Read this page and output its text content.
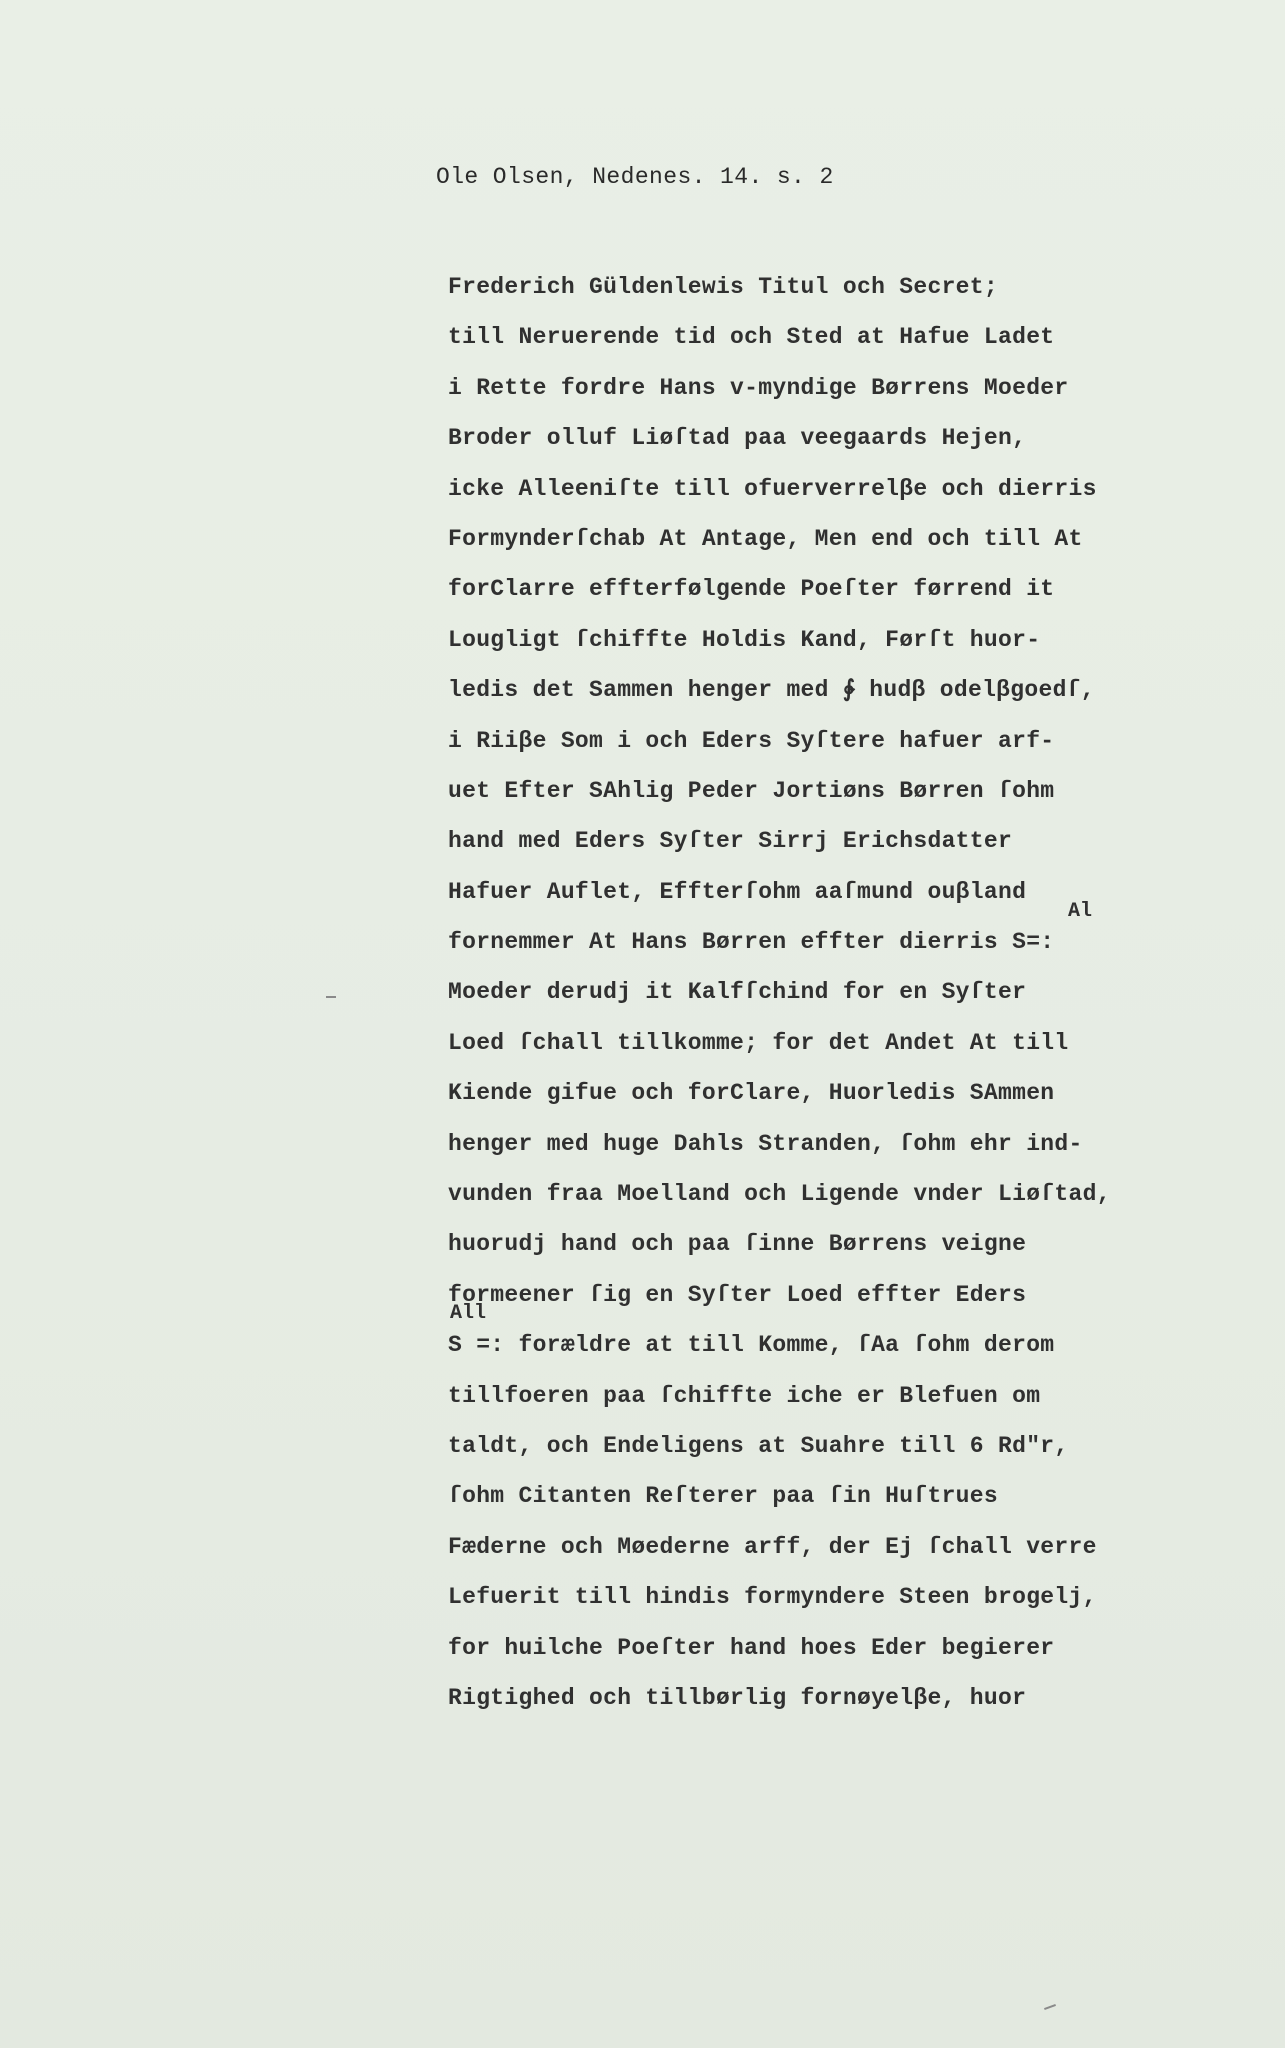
Ole Olsen, Nedenes. 14. s. 2
Frederich Güldenlewis Titul och Secret;
till Neruerende tid och Sted at Hafue Ladet
i Rette fordre Hans v-myndige Børrens Moeder
Broder olluf Liøſtad paa veegaards Hejen,
icke Alleeniſte till ofuerverrelβe och dierris
Formynderſchab At Antage, Men end och till At
forClarre effterfølgende Poeſter førrend it
Lougligt ſchiffte Holdis Kand, Førſt huor-
ledis det Sammen henger med ∲ hudβ odelβgoedſ,
i Riiβe Som i och Eders Syſtere hafuer arf-
uet Efter SAhlig Peder Jortiøns Børren ſohm
hand med Eders Syſter Sirrj Erichsdatter
Hafuer Auflet, Effterſohm aaſmund ouβland
fornemmer At Hans Børren effter dierris S=:
Moeder derudj it Kalfſchind for en Syſter
Loed ſchall tillkomme; for det Andet At till
Kiende gifue och forClare, Huorledis SAmmen
henger med huge Dahls Stranden, ſohm ehr ind-
vunden fraa Moelland och Ligende vnder Liøſtad,
huorudj hand och paa ſinne Børrens veigne
formeener ſig en Syſter Loed effter Eders
S =: forældre at till Komme, ſAa ſohm derom
tillfoeren paa ſchiffte iche er Blefuen om
taldt, och Endeligens at Suahre till 6 Rd"r,
ſohm Citanten Reſterer paa ſin Huſtrues
Fæderne och Møederne arff, der Ej ſchall verre
Lefuerit till hindis formyndere Steen brogelj,
for huilche Poeſter hand hoes Eder begierer
Rigtighed och tillbørlig fornøyelβe, huor
Al
All
